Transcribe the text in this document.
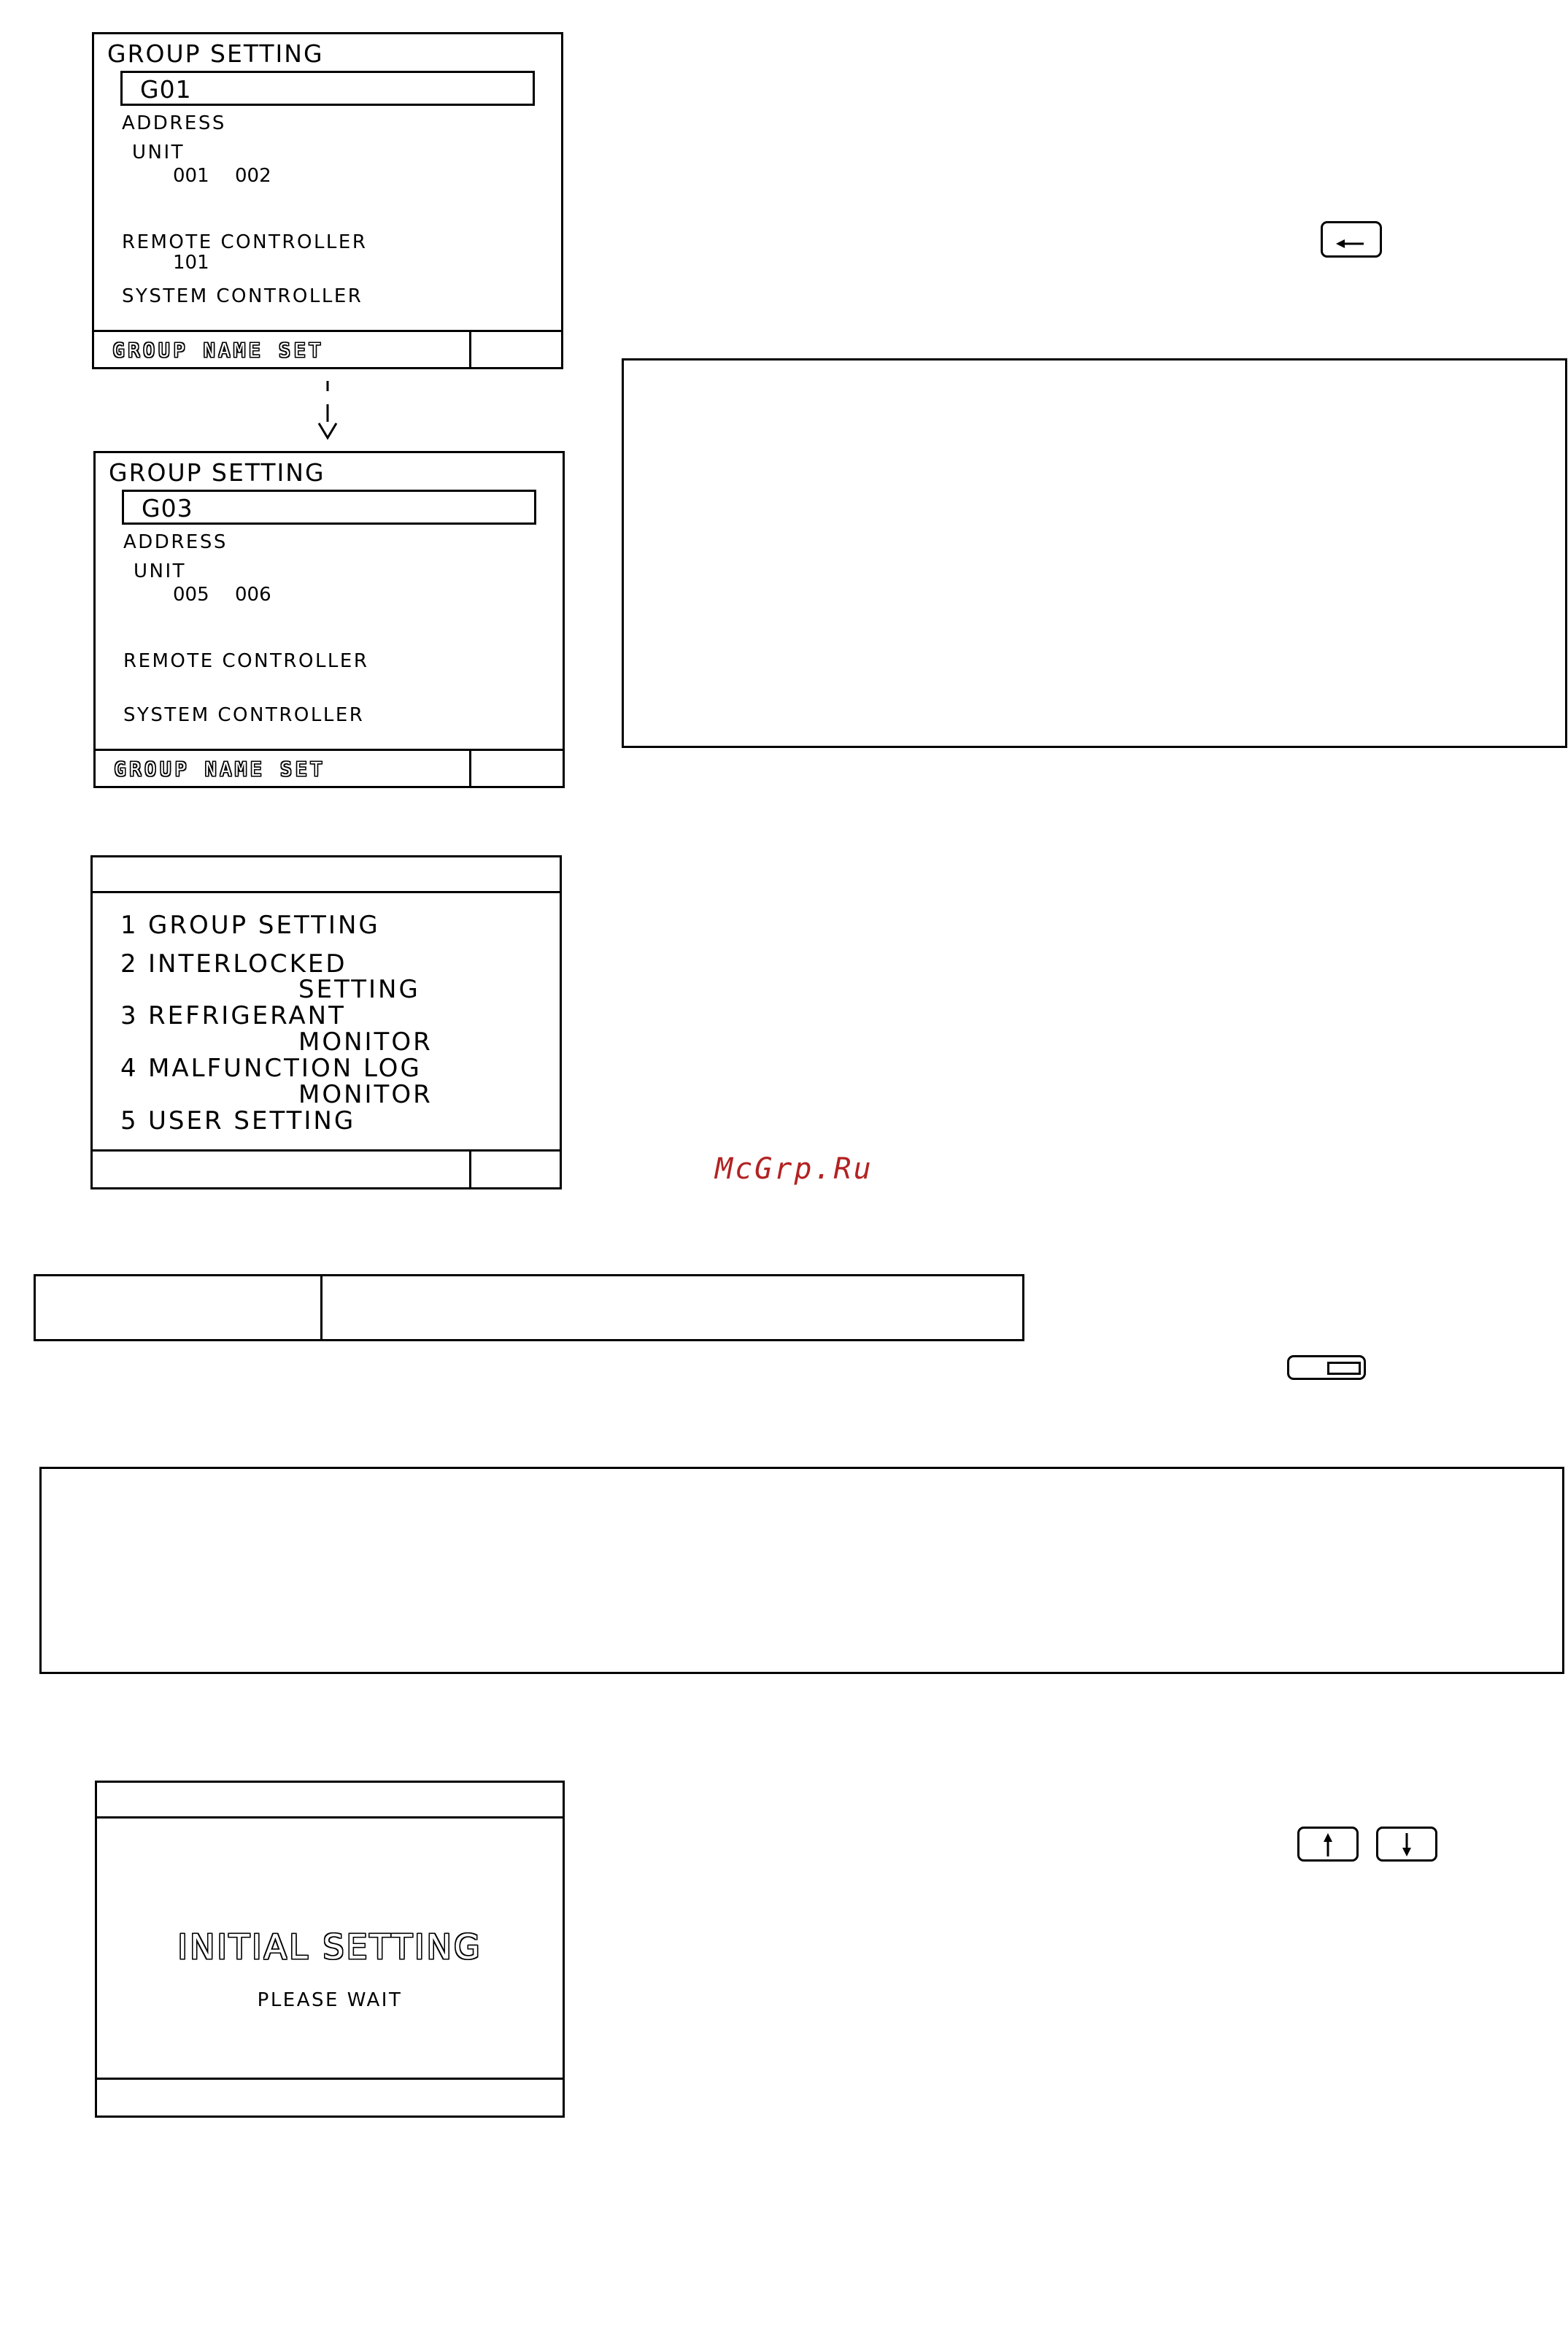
GROUP SETTING
G01
ADDRESS
UNIT
001 002
REMOTE CONTROLLER
101
SYSTEM CONTROLLER
GROUP NAME SET
GROUP SETTING
G03
ADDRESS
UNIT
005 006
REMOTE CONTROLLER
SYSTEM CONTROLLER
GROUP NAME SET
1 GROUP SETTING
2 INTERLOCKED
SETTING
3 REFRIGERANT
MONITOR
4 MALFUNCTION LOG
MONITOR
5 USER SETTING
McGrp.Ru
INITIAL SETTING
PLEASE WAIT
